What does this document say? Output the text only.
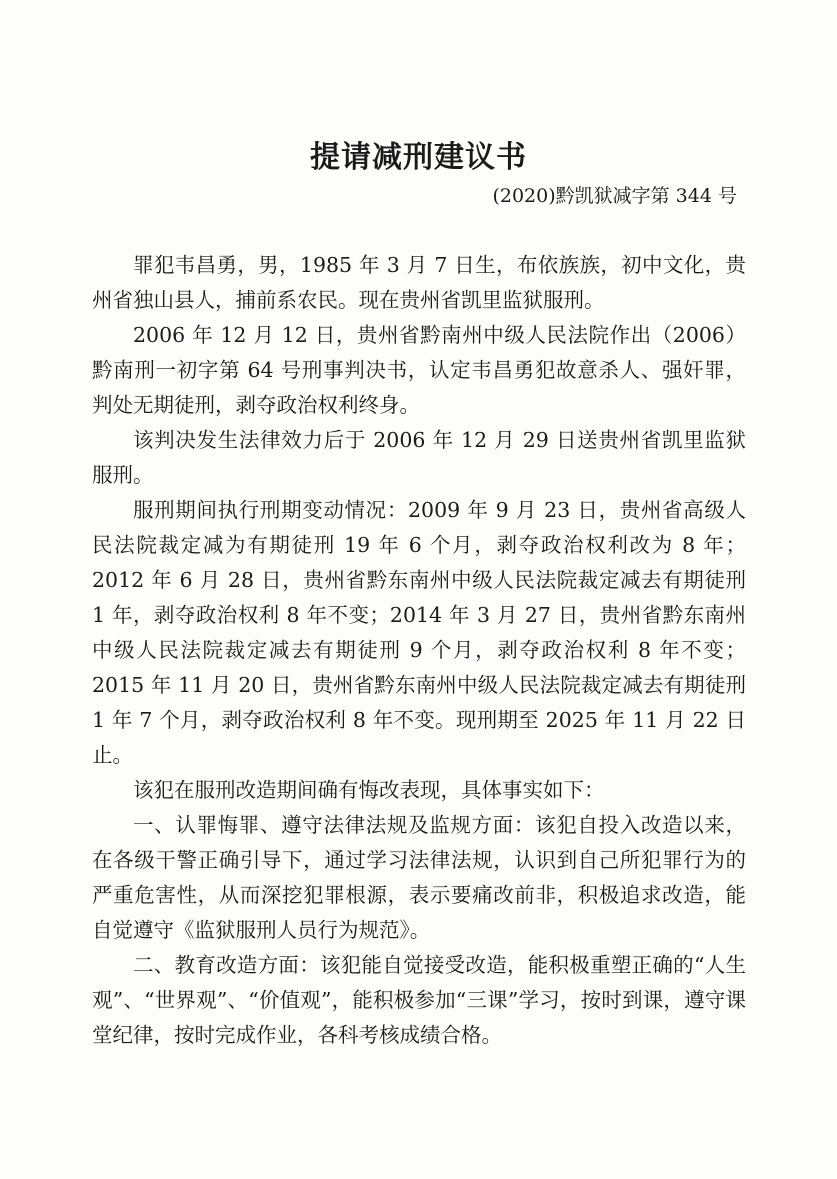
提请减刑建议书

(2020)黔凯狱减字第 344 号

罪犯韦昌勇，男，1985 年 3 月 7 日生，布依族族，初中文化，贵州省独山县人，捕前系农民。现在贵州省凯里监狱服刑。

2006 年 12 月 12 日，贵州省黔南州中级人民法院作出（2006）黔南刑一初字第 64 号刑事判决书，认定韦昌勇犯故意杀人、强奸罪，判处无期徒刑，剥夺政治权利终身。

该判决发生法律效力后于 2006 年 12 月 29 日送贵州省凯里监狱服刑。

服刑期间执行刑期变动情况：2009 年 9 月 23 日，贵州省高级人民法院裁定减为有期徒刑 19 年 6 个月，剥夺政治权利改为 8 年；2012 年 6 月 28 日，贵州省黔东南州中级人民法院裁定减去有期徒刑 1 年，剥夺政治权利 8 年不变；2014 年 3 月 27 日，贵州省黔东南州中级人民法院裁定减去有期徒刑 9 个月，剥夺政治权利 8 年不变；2015 年 11 月 20 日，贵州省黔东南州中级人民法院裁定减去有期徒刑 1 年 7 个月，剥夺政治权利 8 年不变。现刑期至 2025 年 11 月 22 日止。

该犯在服刑改造期间确有悔改表现，具体事实如下：

一、认罪悔罪、遵守法律法规及监规方面：该犯自投入改造以来，在各级干警正确引导下，通过学习法律法规，认识到自己所犯罪行为的严重危害性，从而深挖犯罪根源，表示要痛改前非，积极追求改造，能自觉遵守《监狱服刑人员行为规范》。

二、教育改造方面：该犯能自觉接受改造，能积极重塑正确的“人生观”、“世界观”、“价值观”，能积极参加“三课”学习，按时到课，遵守课堂纪律，按时完成作业，各科考核成绩合格。
